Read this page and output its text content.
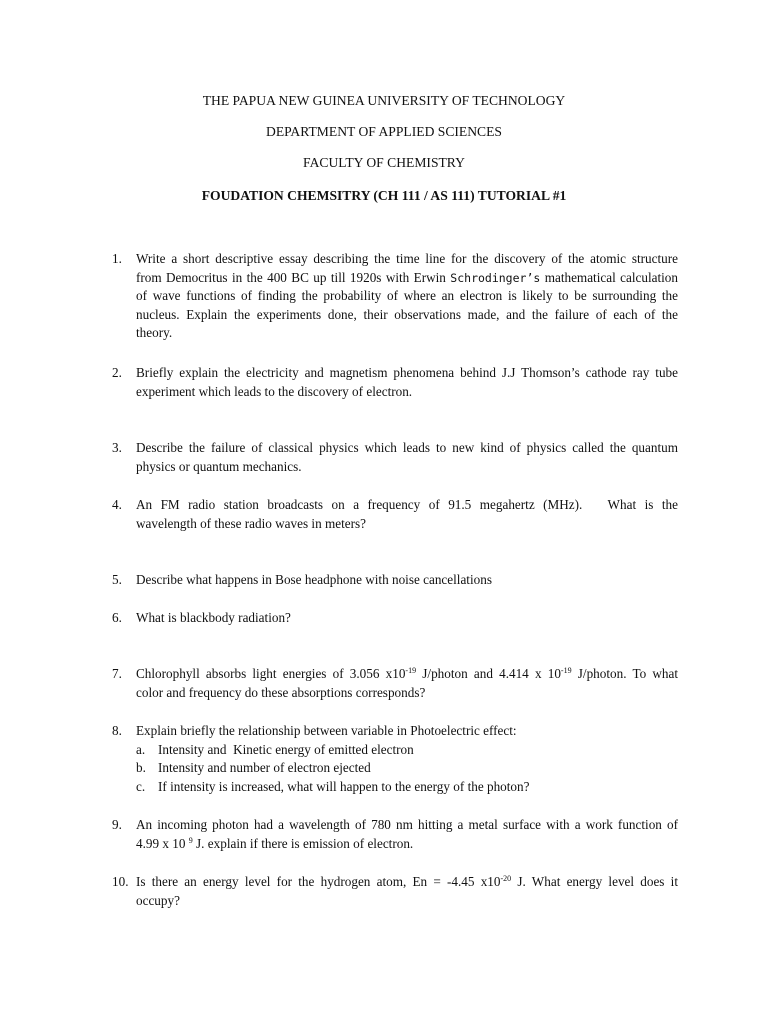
THE PAPUA NEW GUINEA UNIVERSITY OF TECHNOLOGY
DEPARTMENT OF APPLIED SCIENCES
FACULTY OF CHEMISTRY
FOUDATION CHEMSITRY (CH 111 / AS 111) TUTORIAL #1
1.	Write a short descriptive essay describing the time line for the discovery of the atomic structure
from Democritus in the 400 BC up till 1920s with Erwin Schrodinger’s mathematical calculation
of wave functions of finding the probability of where an electron is likely to be surrounding the
nucleus. Explain the experiments done, their observations made, and the failure of each of the
theory.
2.	Briefly explain the electricity and magnetism phenomena behind J.J Thomson’s cathode ray tube
experiment which leads to the discovery of electron.
3.	Describe the failure of classical physics which leads to new kind of physics called the quantum
physics or quantum mechanics.
4.	An FM radio station broadcasts on a frequency of 91.5 megahertz (MHz).   What is the
wavelength of these radio waves in meters?
5.	Describe what happens in Bose headphone with noise cancellations
6.	What is blackbody radiation?
7.	Chlorophyll absorbs light energies of 3.056 $x10^{-19}$ J/photon and 4.414 x $10^{-19}$ J/photon. To what
color and frequency do these absorptions corresponds?
8.	Explain briefly the relationship between variable in Photoelectric effect:
a. Intensity and  Kinetic energy of emitted electron
b. Intensity and number of electron ejected
c. If intensity is increased, what will happen to the energy of the photon?
9.	An incoming photon had a wavelength of 780 nm hitting a metal surface with a work function of
4.99 x 10 $^9$ J. explain if there is emission of electron.
10. Is there an energy level for the hydrogen atom, En = -4.45 $x10^{-20}$ J. What energy level does it
occupy?
